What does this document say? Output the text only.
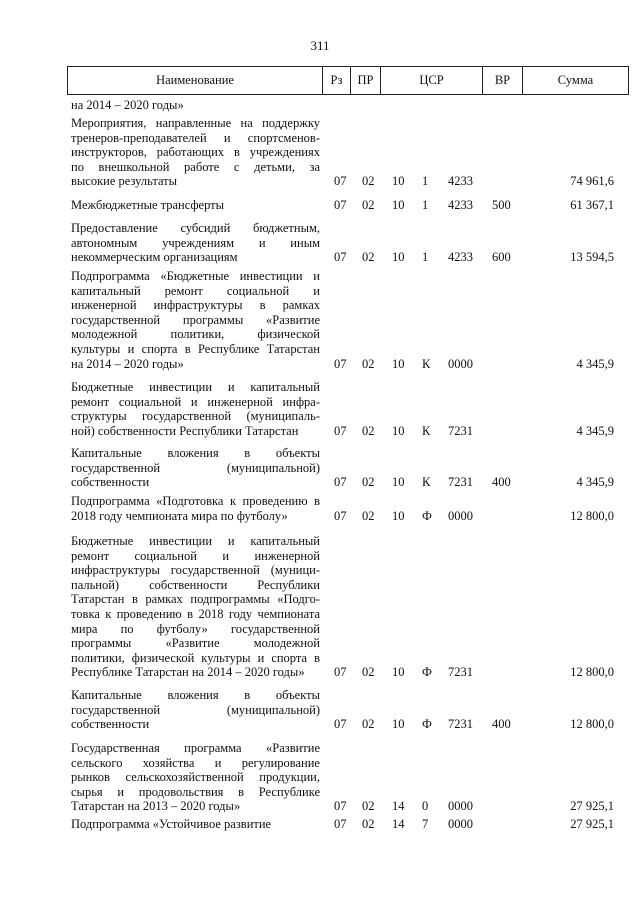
311
Наименование	Рз	ПР	ЦСР	ВР	Сумма
на 2014 – 2020 годы»
Мероприятия, направленные на поддержку
тренеров-преподавателей и спортсменов-
инструкторов, работающих в учреждениях
по внешкольной работе с детьми, за
высокие результаты	07 02 10 1 4233	74 961,6
Межбюджетные трансферты	07 02 10 1 4233 500	61 367,1
Предоставление субсидий бюджетным,
автономным учреждениям и иным
некоммерческим организациям	07 02 10 1 4233 600	13 594,5
Подпрограмма «Бюджетные инвестиции и
капитальный ремонт социальной и
инженерной инфраструктуры в рамках
государственной программы «Развитие
молодежной политики, физической
культуры и спорта в Республике Татарстан
на 2014 – 2020 годы»	07 02 10 К 0000	4 345,9
Бюджетные инвестиции и капитальный
ремонт социальной и инженерной инфра-
структуры государственной (муниципаль-
ной) собственности Республики Татарстан	07 02 10 К 7231	4 345,9
Капитальные вложения в объекты
государственной (муниципальной)
собственности	07 02 10 К 7231 400	4 345,9
Подпрограмма «Подготовка к проведению в
2018 году чемпионата мира по футболу»	07 02 10 Ф 0000	12 800,0
Бюджетные инвестиции и капитальный
ремонт социальной и инженерной
инфраструктуры государственной (муници-
пальной) собственности Республики
Татарстан в рамках подпрограммы «Подго-
товка к проведению в 2018 году чемпионата
мира по футболу» государственной
программы «Развитие молодежной
политики, физической культуры и спорта в
Республике Татарстан на 2014 – 2020 годы»	07 02 10 Ф 7231	12 800,0
Капитальные вложения в объекты
государственной (муниципальной)
собственности	07 02 10 Ф 7231 400	12 800,0
Государственная программа «Развитие
сельского хозяйства и регулирование
рынков сельскохозяйственной продукции,
сырья и продовольствия в Республике
Татарстан на 2013 – 2020 годы»	07 02 14 0 0000	27 925,1
Подпрограмма «Устойчивое развитие	07 02 14 7 0000	27 925,1
